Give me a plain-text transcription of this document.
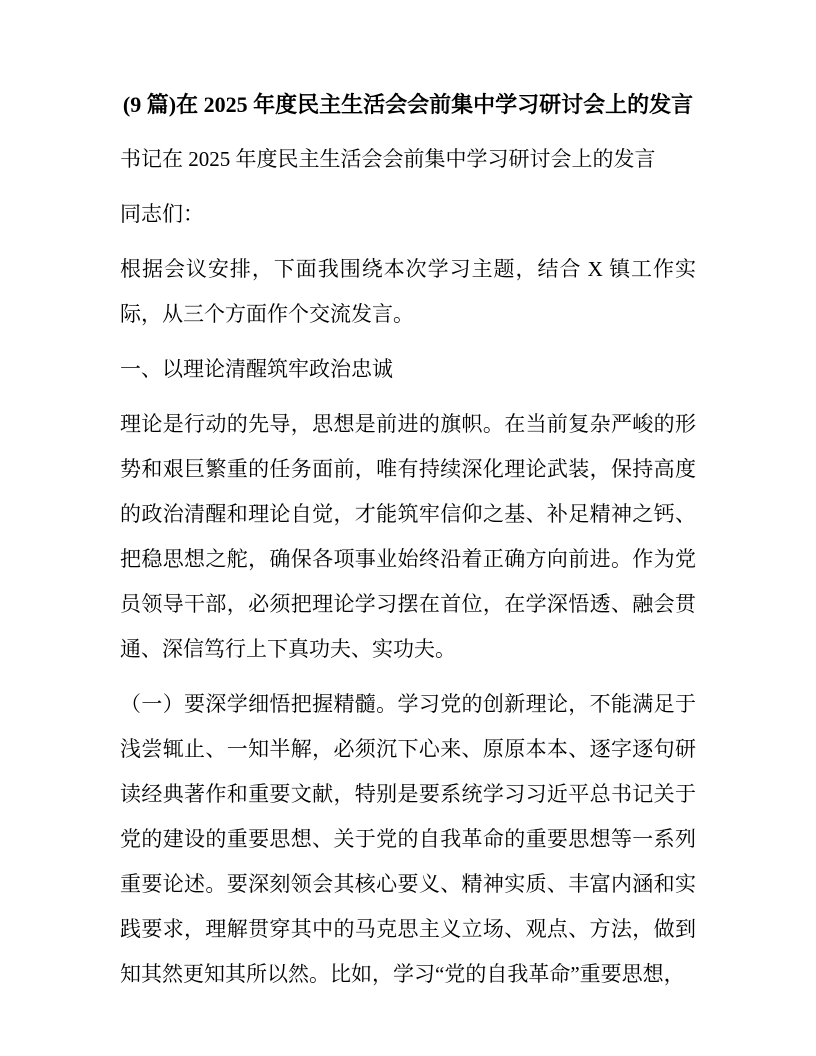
(9 篇)在 2025 年度民主生活会会前集中学习研讨会上的发言

书记在 2025 年度民主生活会会前集中学习研讨会上的发言

同志们：

根据会议安排，下面我围绕本次学习主题，结合 X 镇工作实际，从三个方面作个交流发言。

一、以理论清醒筑牢政治忠诚

理论是行动的先导，思想是前进的旗帜。在当前复杂严峻的形势和艰巨繁重的任务面前，唯有持续深化理论武装，保持高度的政治清醒和理论自觉，才能筑牢信仰之基、补足精神之钙、把稳思想之舵，确保各项事业始终沿着正确方向前进。作为党员领导干部，必须把理论学习摆在首位，在学深悟透、融会贯通、深信笃行上下真功夫、实功夫。

（一）要深学细悟把握精髓。学习党的创新理论，不能满足于浅尝辄止、一知半解，必须沉下心来、原原本本、逐字逐句研读经典著作和重要文献，特别是要系统学习习近平总书记关于党的建设的重要思想、关于党的自我革命的重要思想等一系列重要论述。要深刻领会其核心要义、精神实质、丰富内涵和实践要求，理解贯穿其中的马克思主义立场、观点、方法，做到知其然更知其所以然。比如，学习“党的自我革命”重要思想，
